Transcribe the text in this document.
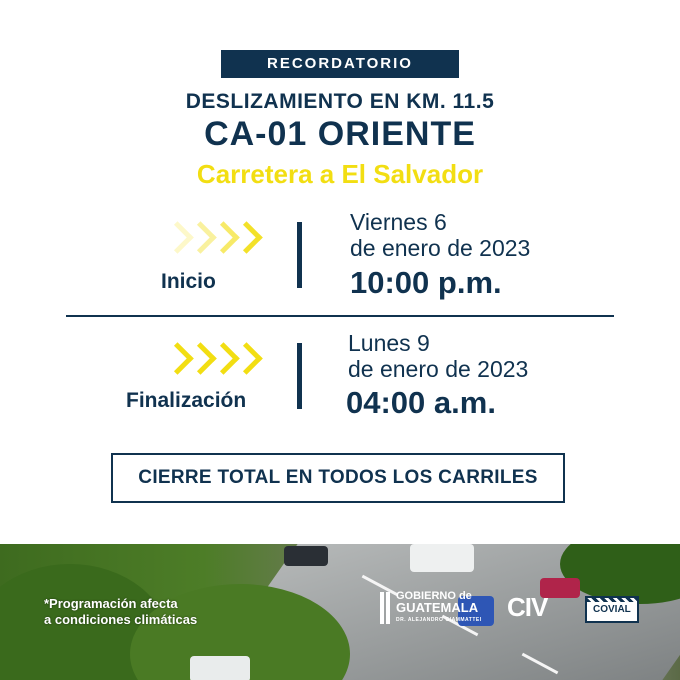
RECORDATORIO
DESLIZAMIENTO EN KM. 11.5
CA-01 ORIENTE
Carretera a El Salvador
Inicio
Viernes 6
de enero de 2023
10:00 p.m.
Finalización
Lunes 9
de enero de 2023
04:00 a.m.
CIERRE TOTAL EN TODOS LOS CARRILES
*Programación afecta
a condiciones climáticas
GOBIERNO de
GUATEMALA
DR. ALEJANDRO GIAMMATTEI CIV	COVIAL
